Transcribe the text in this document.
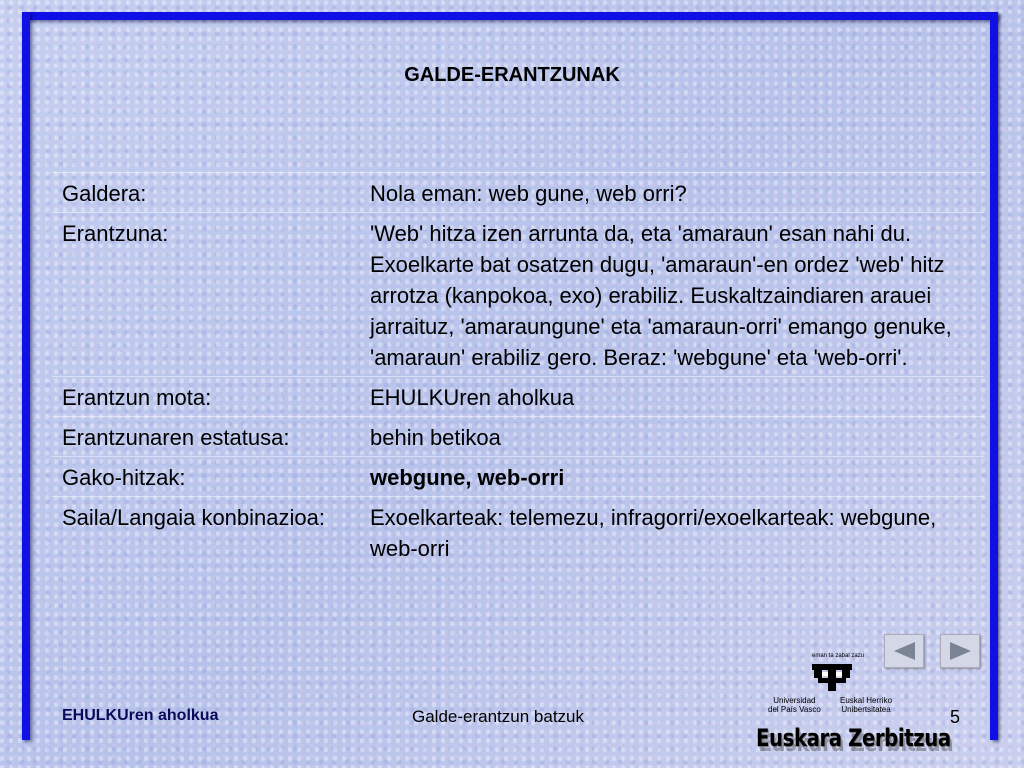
GALDE-ERANTZUNAK
Galdera:	Nola eman: web gune, web orri?
Erantzuna:	'Web' hitza izen arrunta da, eta 'amaraun' esan nahi du. Exoelkarte bat osatzen dugu, 'amaraun'-en ordez 'web' hitz arrotza (kanpokoa, exo) erabiliz. Euskaltzaindiaren arauei jarraituz, 'amaraungune' eta 'amaraun-orri' emango genuke, 'amaraun' erabiliz gero. Beraz: 'webgune' eta 'web-orri'.
Erantzun mota:	EHULKUren aholkua
Erantzunaren estatusa:	behin betikoa
Gako-hitzak:	webgune, web-orri
Saila/Langaia konbinazioa:	Exoelkarteak: telemezu, infragorri/exoelkarteak: webgune, web-orri
EHULKUren aholkua	Galde-erantzun batzuk	5
eman ta zabal zazu
Universidad
del País Vasco
Euskal Herriko
Unibertsitatea
Euskara Zerbitzua
